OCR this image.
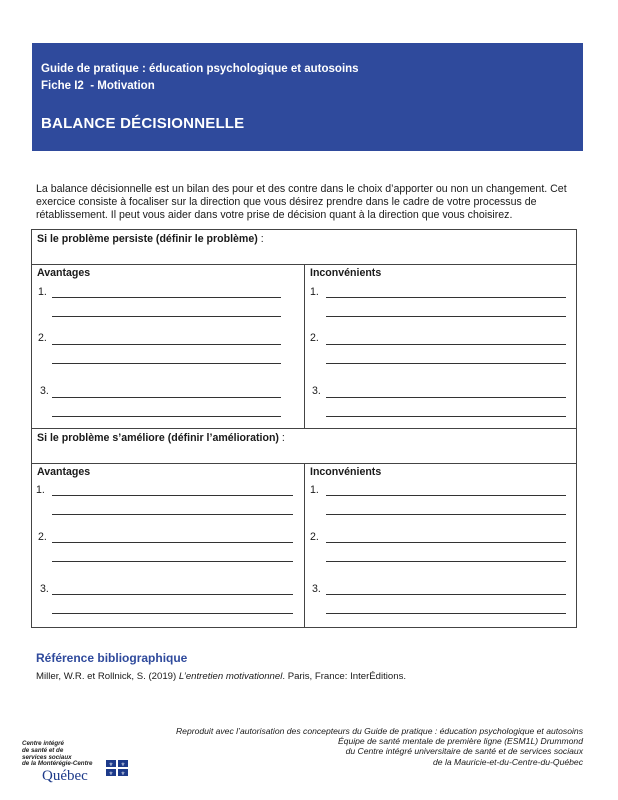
Guide de pratique : éducation psychologique et autosoins
Fiche I2  - Motivation
BALANCE DÉCISIONNELLE

La balance décisionnelle est un bilan des pour et des contre dans le choix d’apporter ou non un changement. Cet exercice consiste à focaliser sur la direction que vous désirez prendre dans le cadre de votre processus de rétablissement. Il peut vous aider dans votre prise de décision quant à la direction que vous choisirez.

Si le problème persiste (définir le problème) :
Avantages	Inconvénients
1.
2.
3.
1.
2.
3.
Si le problème s’améliore (définir l’amélioration) :
Avantages	Inconvénients
1.
2.
3.
1.
2.
3.
Référence bibliographique
Miller, W.R. et Rollnick, S. (2019) L’entretien motivationnel. Paris, France: InterÉditions.
Reproduit avec l’autorisation des concepteurs du Guide de pratique : éducation psychologique et autosoins
Équipe de santé mentale de première ligne (ESM1L) Drummond
du Centre intégré universitaire de santé et de services sociaux
de la Mauricie-et-du-Centre-du-Québec
Centre intégré
de santé et de
services sociaux
de la Montérégie-Centre
Québec
⚜ ⚜
⚜ ⚜
